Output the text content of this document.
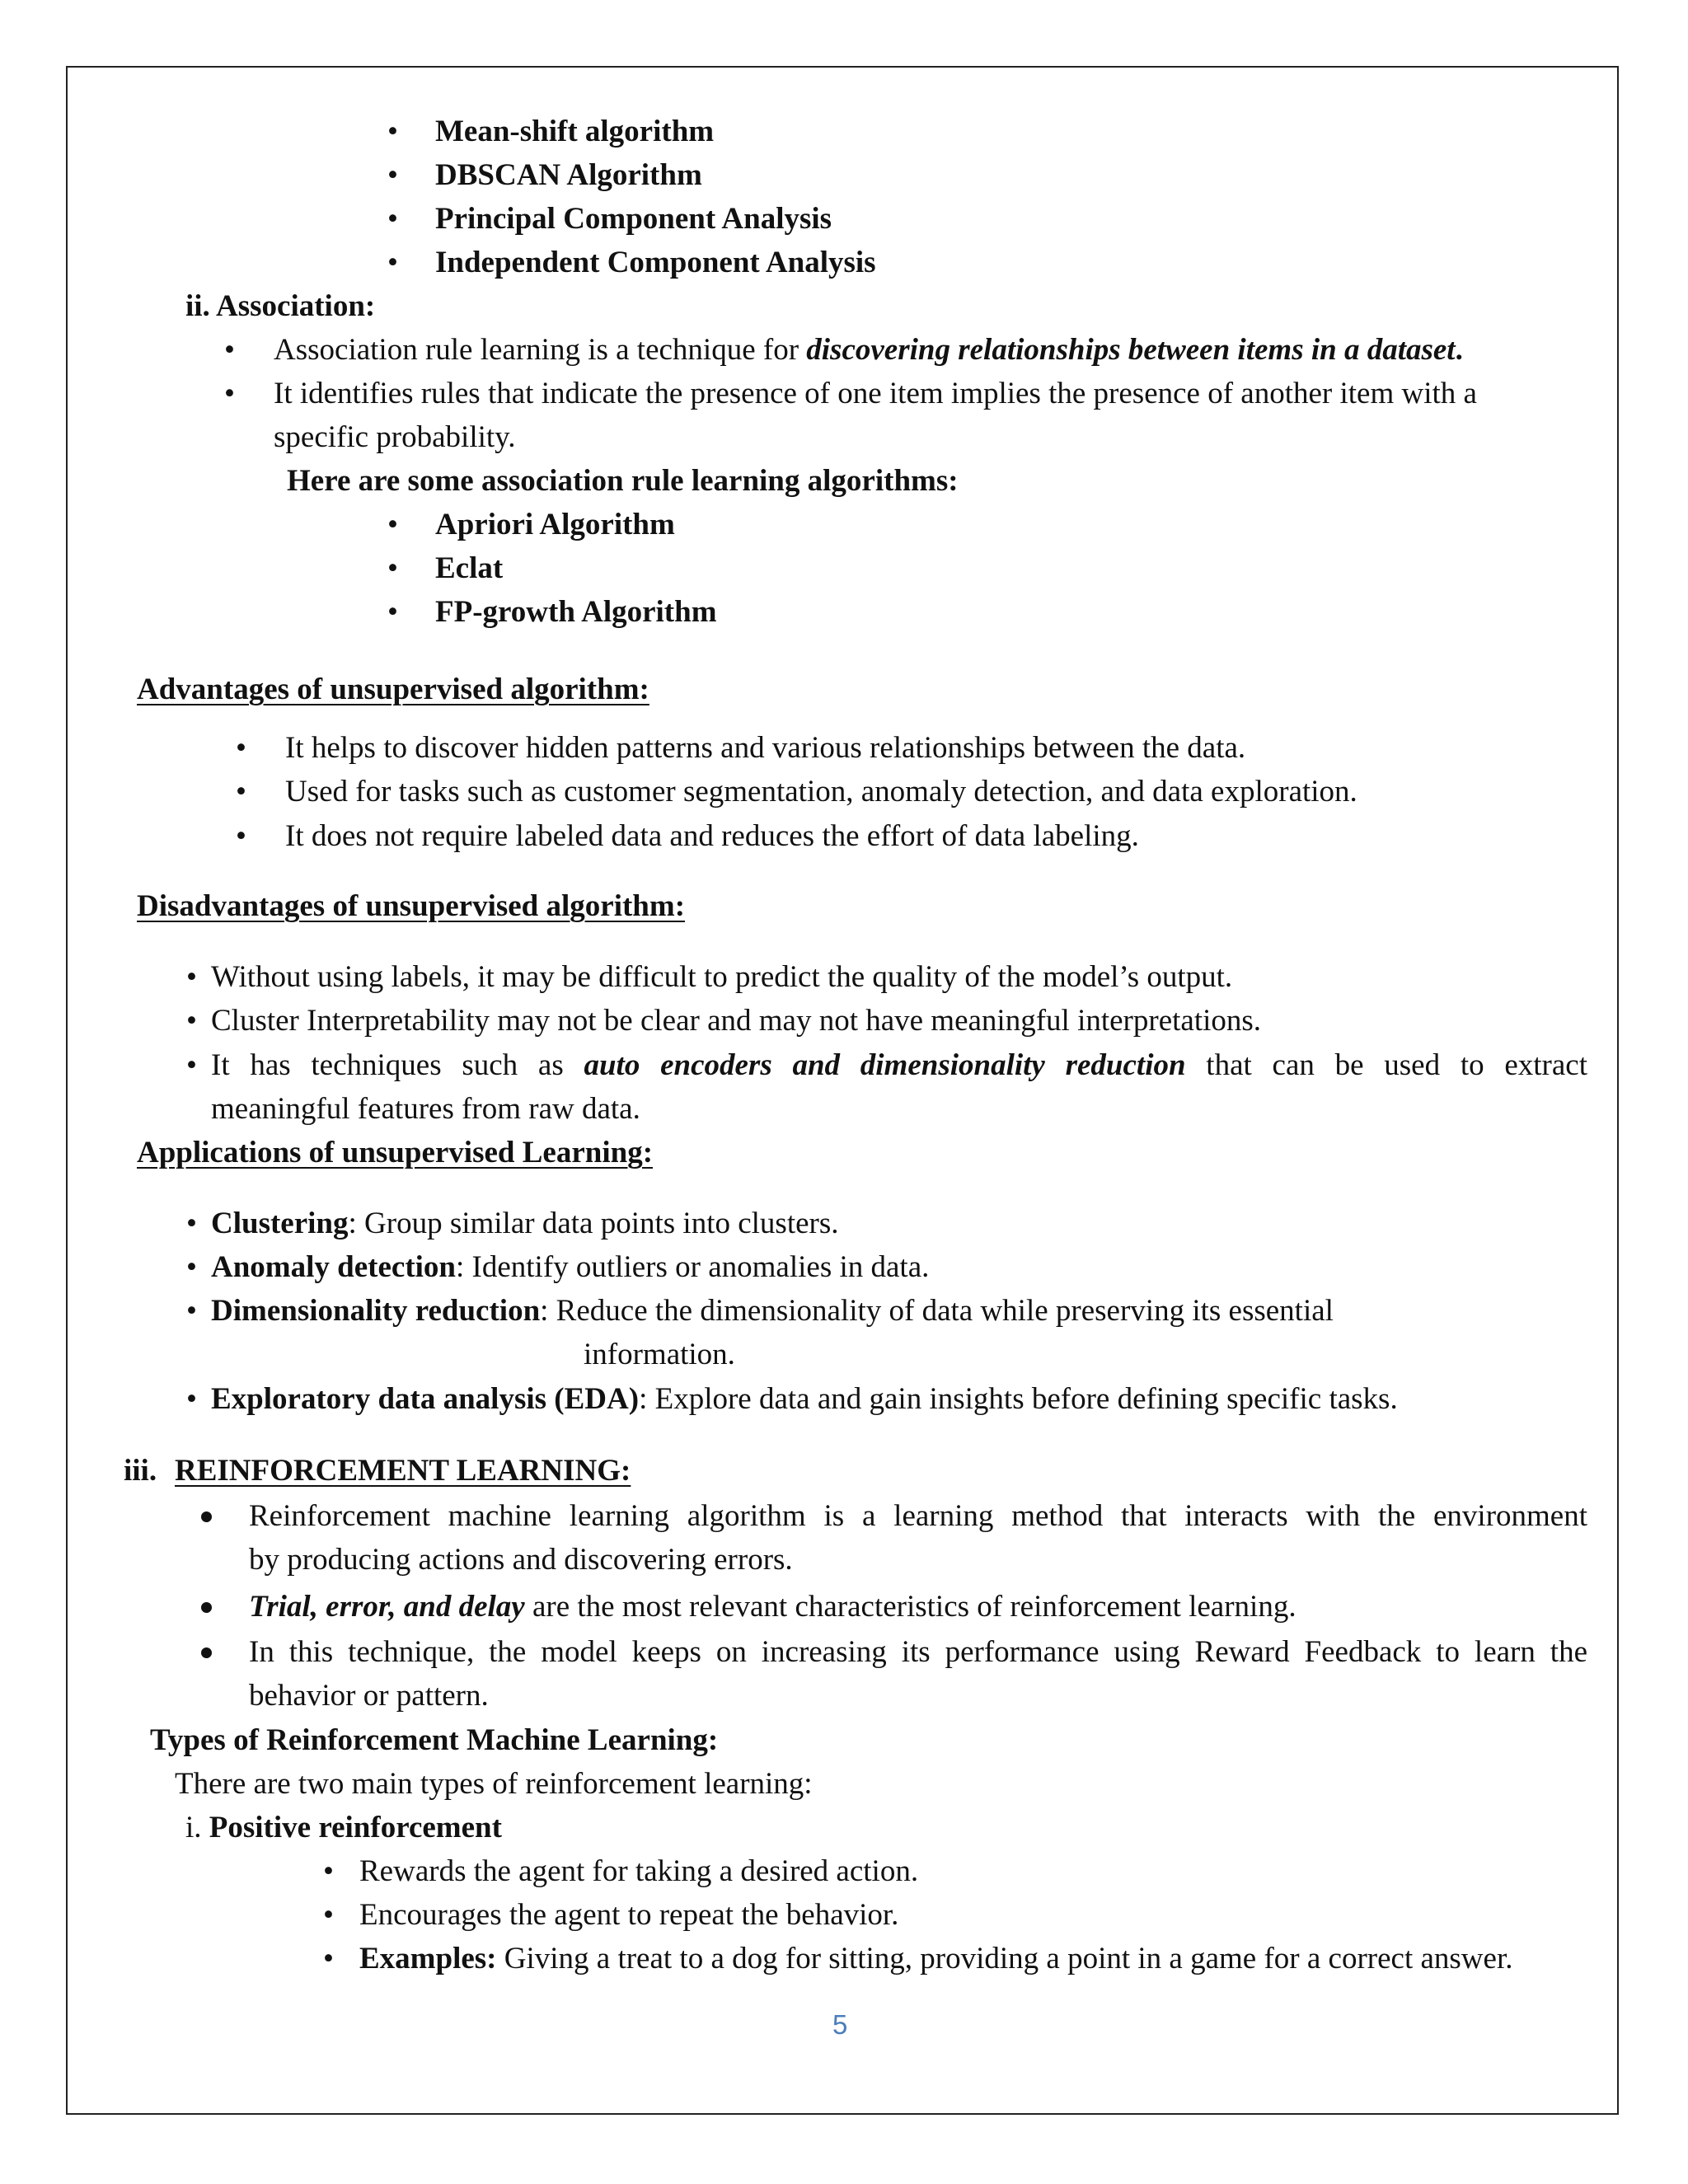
• Mean-shift algorithm
• DBSCAN Algorithm
• Principal Component Analysis
• Independent Component Analysis
ii. Association:
• Association rule learning is a technique for discovering relationships between items in a dataset.
• It identifies rules that indicate the presence of one item implies the presence of another item with a
specific probability.
Here are some association rule learning algorithms:
• Apriori Algorithm
• Eclat
• FP-growth Algorithm
Advantages of unsupervised algorithm:
• It helps to discover hidden patterns and various relationships between the data.
• Used for tasks such as customer segmentation, anomaly detection, and data exploration.
• It does not require labeled data and reduces the effort of data labeling.
Disadvantages of unsupervised algorithm:
• Without using labels, it may be difficult to predict the quality of the model’s output.
• Cluster Interpretability may not be clear and may not have meaningful interpretations.
• It has techniques such as auto encoders and dimensionality reduction that can be used to extract
meaningful features from raw data.
Applications of unsupervised Learning:
• Clustering: Group similar data points into clusters.
• Anomaly detection: Identify outliers or anomalies in data.
• Dimensionality reduction: Reduce the dimensionality of data while preserving its essential
information.
• Exploratory data analysis (EDA): Explore data and gain insights before defining specific tasks.
iii. REINFORCEMENT LEARNING:
Reinforcement machine learning algorithm is a learning method that interacts with the environment
by producing actions and discovering errors.
Trial, error, and delay are the most relevant characteristics of reinforcement learning.
In this technique, the model keeps on increasing its performance using Reward Feedback to learn the
behavior or pattern.
Types of Reinforcement Machine Learning:
There are two main types of reinforcement learning:
i. Positive reinforcement
• Rewards the agent for taking a desired action.
• Encourages the agent to repeat the behavior.
• Examples: Giving a treat to a dog for sitting, providing a point in a game for a correct answer.
5
